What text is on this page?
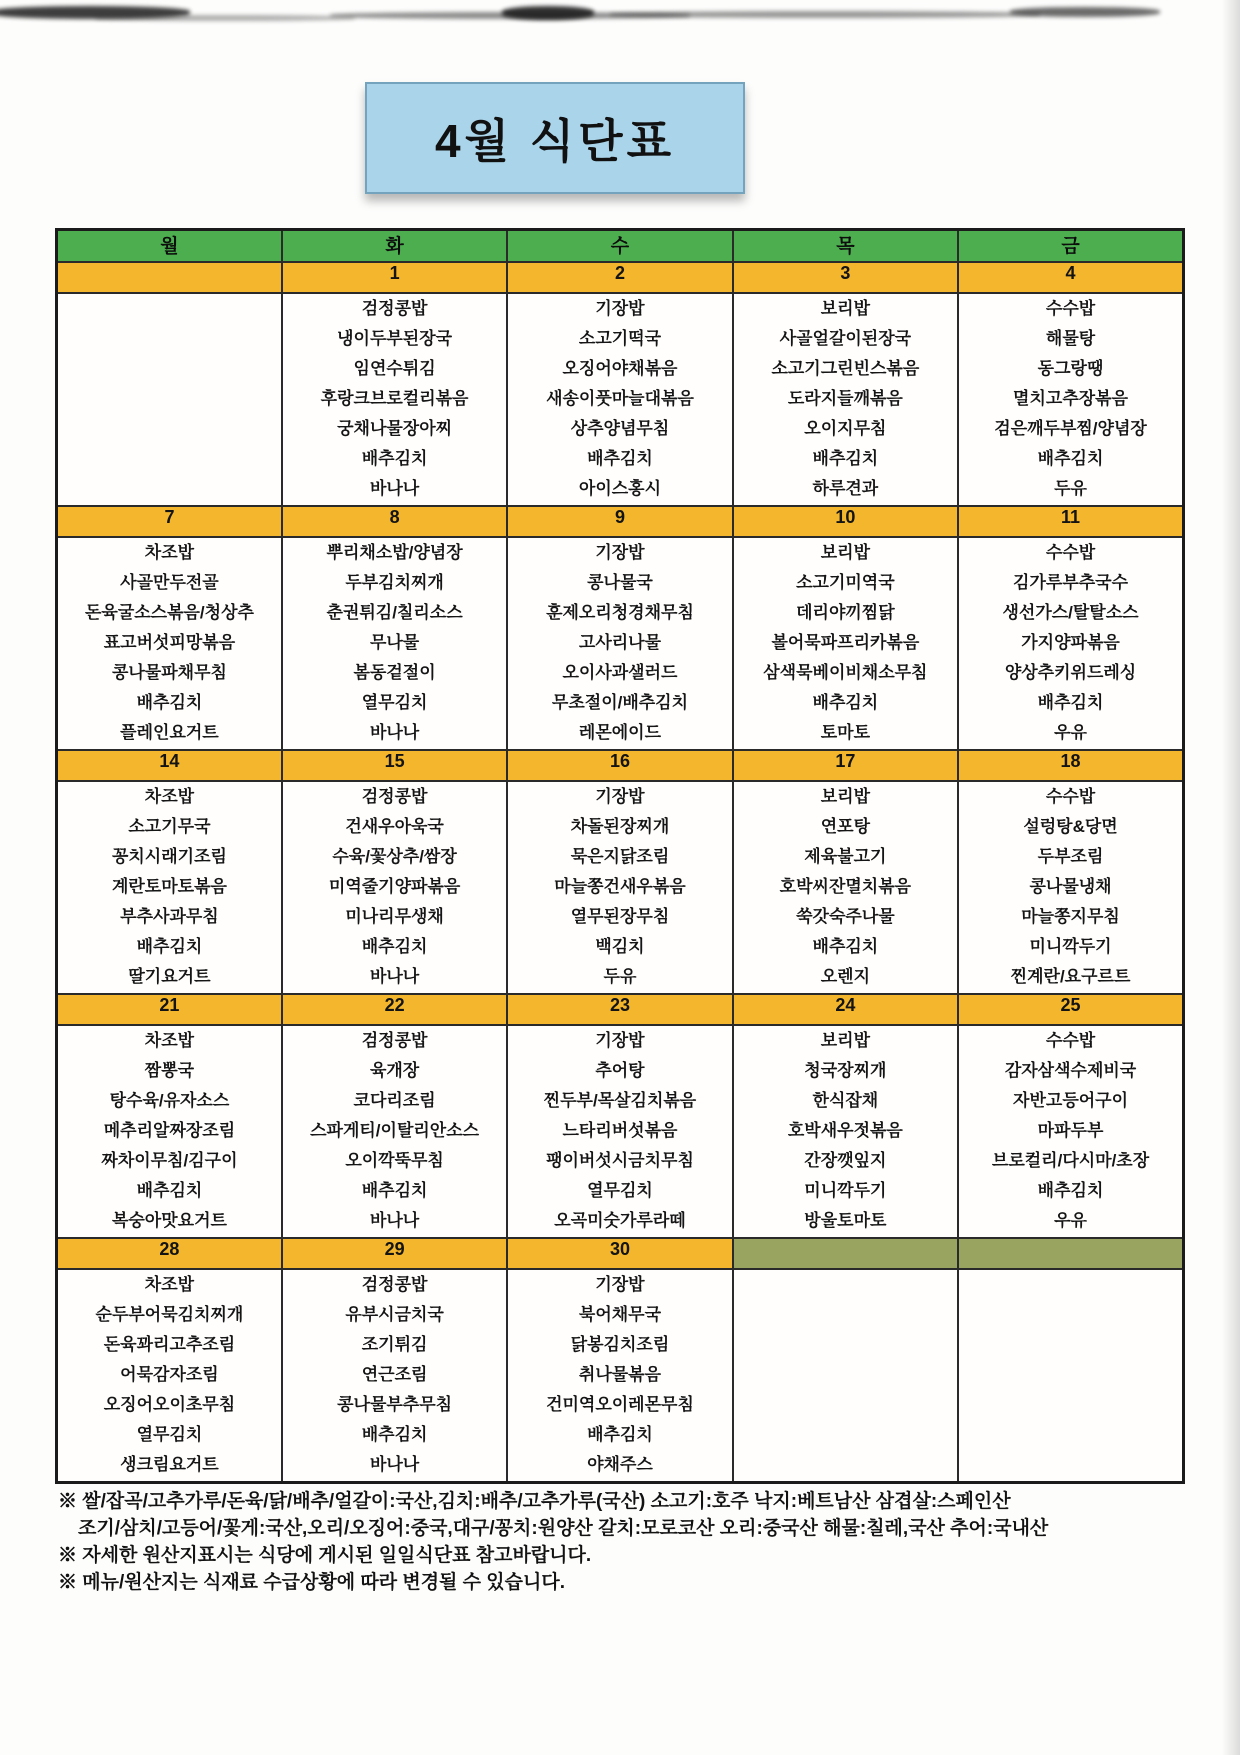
4월 식단표
월	화	수	목	금
	1	2	3	4

검정콩밥
냉이두부된장국
임연수튀김
후랑크브로컬리볶음
궁채나물장아찌
배추김치
바나나

기장밥
소고기떡국
오징어야채볶음
새송이풋마늘대볶음
상추양념무침
배추김치
아이스홍시

보리밥
사골얼갈이된장국
소고기그린빈스볶음
도라지들깨볶음
오이지무침
배추김치
하루견과

수수밥
해물탕
동그랑땡
멸치고추장볶음
검은깨두부찜/양념장
배추김치
두유

7	8	9	10	11

차조밥
사골만두전골
돈육굴소스볶음/청상추
표고버섯피망볶음
콩나물파채무침
배추김치
플레인요거트

뿌리채소밥/양념장
두부김치찌개
춘권튀김/칠리소스
무나물
봄동겉절이
열무김치
바나나

기장밥
콩나물국
훈제오리청경채무침
고사리나물
오이사과샐러드
무초절이/배추김치
레몬에이드

보리밥
소고기미역국
데리야끼찜닭
볼어묵파프리카볶음
삼색묵베이비채소무침
배추김치
토마토

수수밥
김가루부추국수
생선가스/탈탈소스
가지양파볶음
양상추키위드레싱
배추김치
우유

14	15	16	17	18

차조밥
소고기무국
꽁치시래기조림
계란토마토볶음
부추사과무침
배추김치
딸기요거트

검정콩밥
건새우아욱국
수육/꽃상추/쌈장
미역줄기양파볶음
미나리무생채
배추김치
바나나

기장밥
차돌된장찌개
묵은지닭조림
마늘쫑건새우볶음
열무된장무침
백김치
두유

보리밥
연포탕
제육불고기
호박씨잔멸치볶음
쑥갓숙주나물
배추김치
오렌지

수수밥
설렁탕&당면
두부조림
콩나물냉채
마늘쫑지무침
미니깍두기
찐계란/요구르트

21	22	23	24	25

차조밥
짬뽕국
탕수육/유자소스
메추리알짜장조림
짜차이무침/김구이
배추김치
복숭아맛요거트

검정콩밥
육개장
코다리조림
스파게티/이탈리안소스
오이깍뚝무침
배추김치
바나나

기장밥
추어탕
찐두부/목살김치볶음
느타리버섯볶음
팽이버섯시금치무침
열무김치
오곡미숫가루라떼

보리밥
청국장찌개
한식잡채
호박새우젓볶음
간장깻잎지
미니깍두기
방울토마토

수수밥
감자삼색수제비국
자반고등어구이
마파두부
브로컬리/다시마/초장
배추김치
우유

28	29	30		

차조밥
순두부어묵김치찌개
돈육꽈리고추조림
어묵감자조림
오징어오이초무침
열무김치
생크림요거트

검정콩밥
유부시금치국
조기튀김
연근조림
콩나물부추무침
배추김치
바나나

기장밥
북어채무국
닭봉김치조림
취나물볶음
건미역오이레몬무침
배추김치
야채주스

※ 쌀/잡곡/고추가루/돈육/닭/배추/얼갈이:국산,김치:배추/고추가루(국산) 소고기:호주 낙지:베트남산 삼겹살:스페인산
조기/삼치/고등어/꽃게:국산,오리/오징어:중국,대구/꽁치:원양산 갈치:모로코산 오리:중국산 해물:칠레,국산 추어:국내산
※ 자세한 원산지표시는 식당에 게시된 일일식단표 참고바랍니다.
※ 메뉴/원산지는 식재료 수급상황에 따라 변경될 수 있습니다.
